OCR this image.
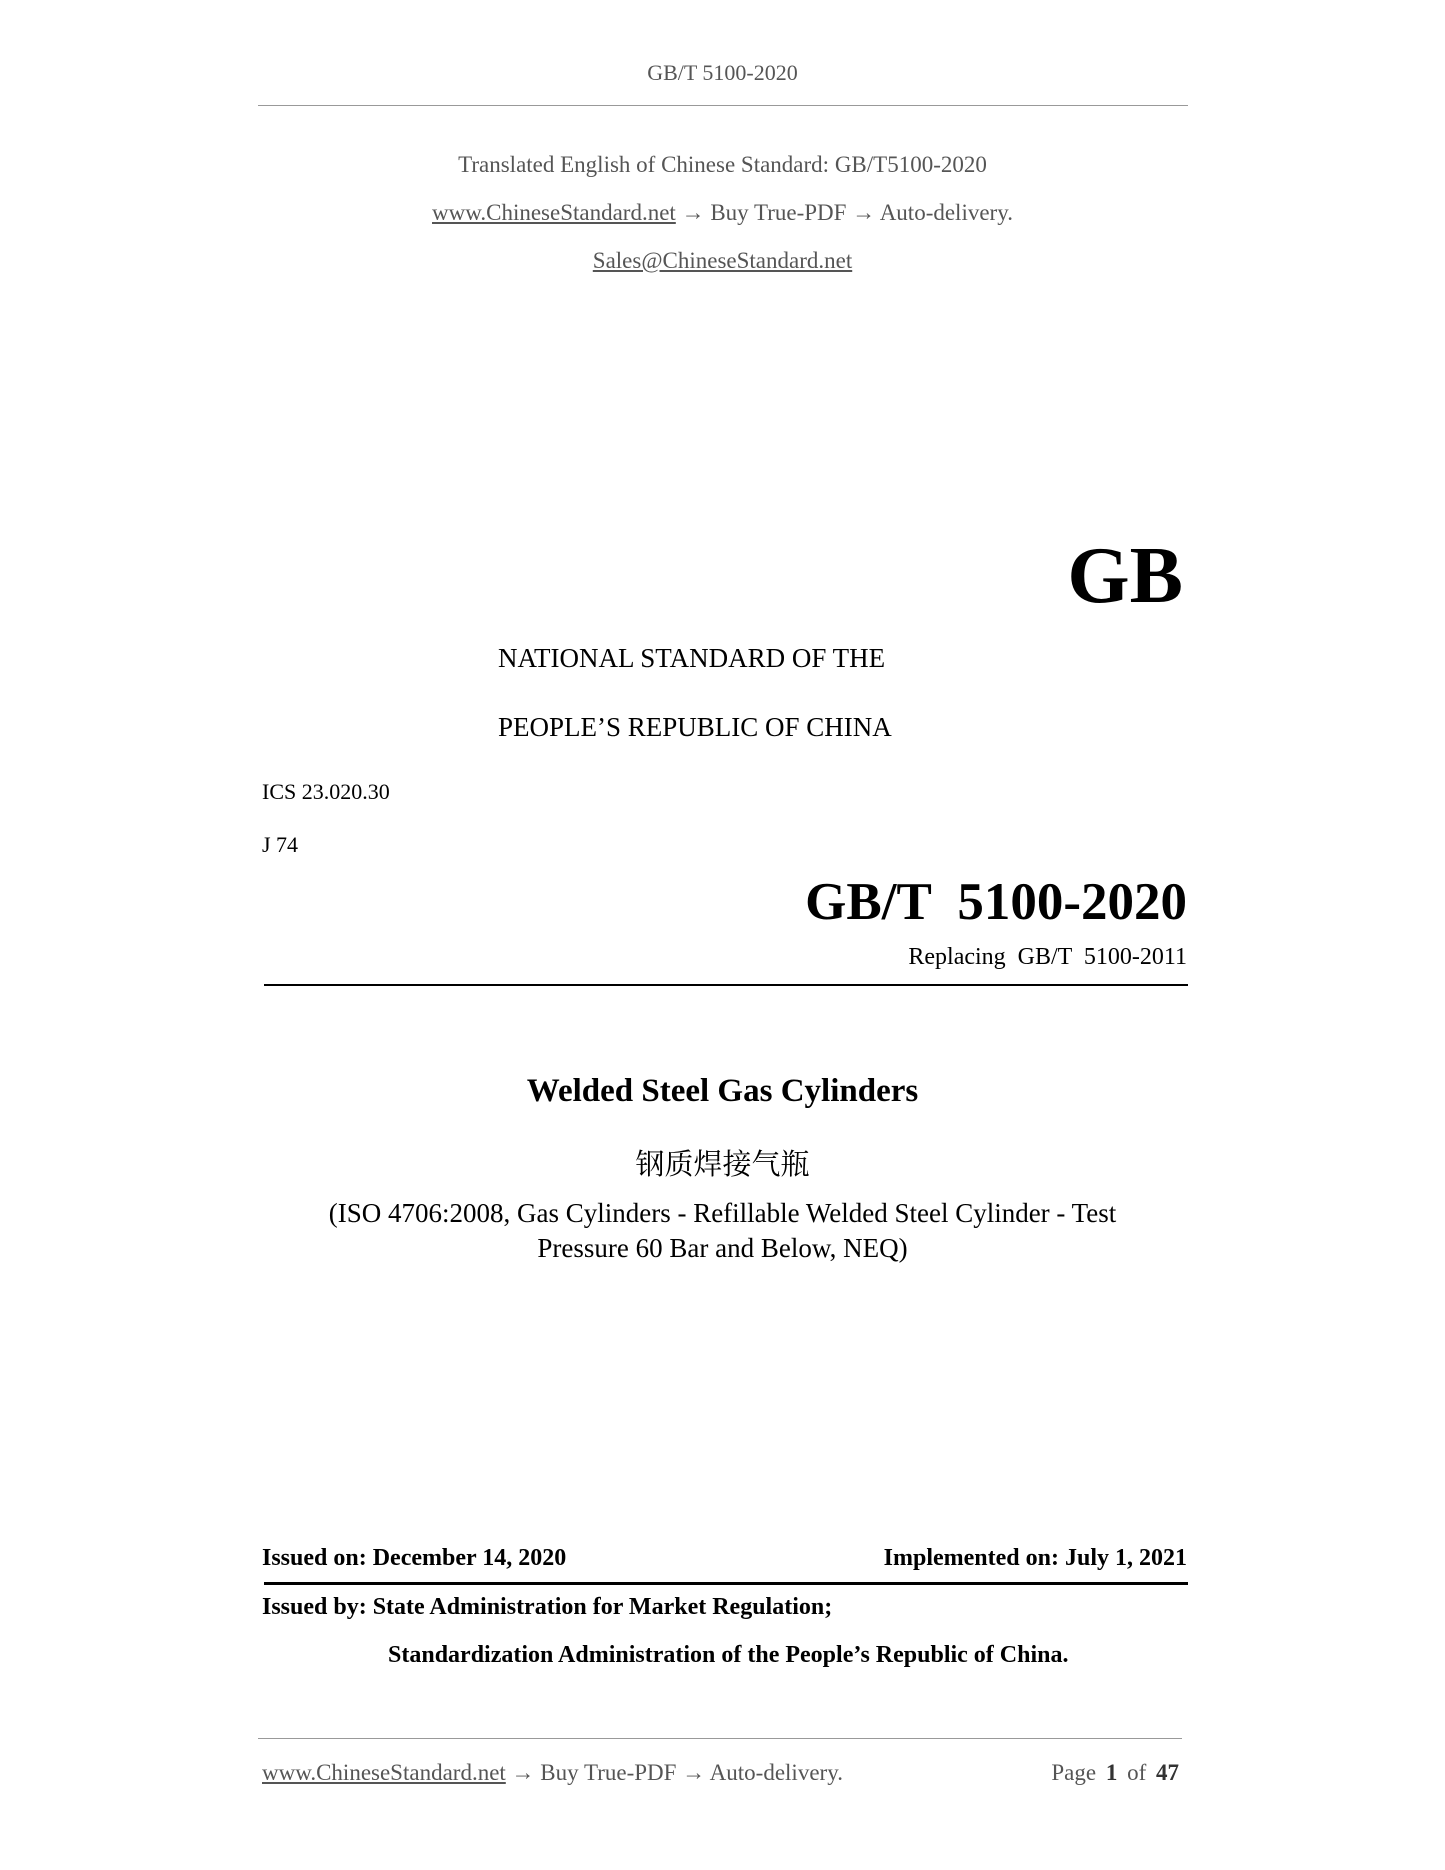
GB/T 5100-2020
Translated English of Chinese Standard: GB/T5100-2020
www.ChineseStandard.net → Buy True-PDF → Auto-delivery.
Sales@ChineseStandard.net
GB
NATIONAL STANDARD OF THE
PEOPLE’S REPUBLIC OF CHINA
ICS 23.020.30
J 74
GB/T  5100-2020
Replacing  GB/T  5100-2011
Welded Steel Gas Cylinders
钢质焊接气瓶
(ISO 4706:2008, Gas Cylinders - Refillable Welded Steel Cylinder - Test
Pressure 60 Bar and Below, NEQ)
Issued on: December 14, 2020	Implemented on: July 1, 2021
Issued by: State Administration for Market Regulation;
Standardization Administration of the People’s Republic of China.
www.ChineseStandard.net → Buy True-PDF → Auto-delivery.	Page 1 of 47
